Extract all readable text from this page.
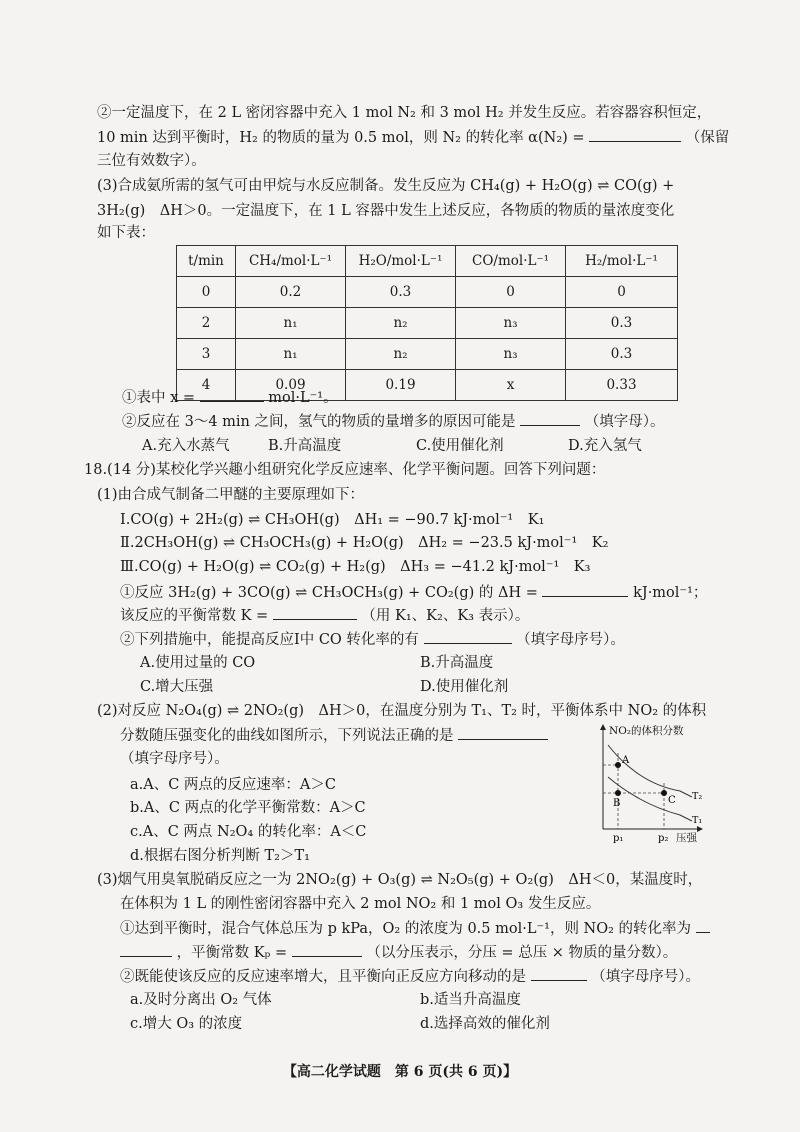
②一定温度下，在 2 L 密闭容器中充入 1 mol N₂ 和 3 mol H₂ 并发生反应。若容器容积恒定，
10 min 达到平衡时，H₂ 的物质的量为 0.5 mol，则 N₂ 的转化率 α(N₂) =	（保留
三位有效数字）。
(3)合成氨所需的氢气可由甲烷与水反应制备。发生反应为 CH₄(g) + H₂O(g) ⇌ CO(g) +
3H₂(g)　ΔH＞0。一定温度下，在 1 L 容器中发生上述反应，各物质的物质的量浓度变化
如下表：
t/min	CH₄/mol·L⁻¹	H₂O/mol·L⁻¹	CO/mol·L⁻¹	H₂/mol·L⁻¹
0	0.2	0.3	0	0
2	n₁	n₂	n₃	0.3
3	n₁	n₂	n₃	0.3
4	0.09	0.19	x	0.33
①表中 x =	mol·L⁻¹。
②反应在 3～4 min 之间，氢气的物质的量增多的原因可能是	（填字母）。
A.充入水蒸气	B.升高温度	C.使用催化剂	D.充入氢气
18.(14 分)某校化学兴趣小组研究化学反应速率、化学平衡问题。回答下列问题：
(1)由合成气制备二甲醚的主要原理如下：
Ⅰ.CO(g) + 2H₂(g) ⇌ CH₃OH(g)　ΔH₁ = −90.7 kJ·mol⁻¹　K₁
Ⅱ.2CH₃OH(g) ⇌ CH₃OCH₃(g) + H₂O(g)　ΔH₂ = −23.5 kJ·mol⁻¹　K₂
Ⅲ.CO(g) + H₂O(g) ⇌ CO₂(g) + H₂(g)　ΔH₃ = −41.2 kJ·mol⁻¹　K₃
①反应 3H₂(g) + 3CO(g) ⇌ CH₃OCH₃(g) + CO₂(g) 的 ΔH =	kJ·mol⁻¹；
该反应的平衡常数 K =	（用 K₁、K₂、K₃ 表示）。
②下列措施中，能提高反应Ⅰ中 CO 转化率的有	（填字母序号）。
A.使用过量的 CO	B.升高温度
C.增大压强	D.使用催化剂
(2)对反应 N₂O₄(g) ⇌ 2NO₂(g)　ΔH＞0，在温度分别为 T₁、T₂ 时，平衡体系中 NO₂ 的体积
分数随压强变化的曲线如图所示，下列说法正确的是
（填字母序号）。
a.A、C 两点的反应速率：A＞C
b.A、C 两点的化学平衡常数：A＞C
c.A、C 两点 N₂O₄ 的转化率：A＜C
d.根据右图分析判断 T₂＞T₁
NO₂的体积分数
压强
A
B	C T₂
T₁
p₁	p₂
(3)烟气用臭氧脱硝反应之一为 2NO₂(g) + O₃(g) ⇌ N₂O₅(g) + O₂(g)　ΔH＜0，某温度时，
在体积为 1 L 的刚性密闭容器中充入 2 mol NO₂ 和 1 mol O₃ 发生反应。
①达到平衡时，混合气体总压为 p kPa，O₂ 的浓度为 0.5 mol·L⁻¹，则 NO₂ 的转化率为
，平衡常数 Kₚ =	（以分压表示，分压 = 总压 × 物质的量分数）。
②既能使该反应的反应速率增大，且平衡向正反应方向移动的是	（填字母序号）。
a.及时分离出 O₂ 气体	b.适当升高温度
c.增大 O₃ 的浓度	d.选择高效的催化剂
【高二化学试题　第 6 页(共 6 页)】
